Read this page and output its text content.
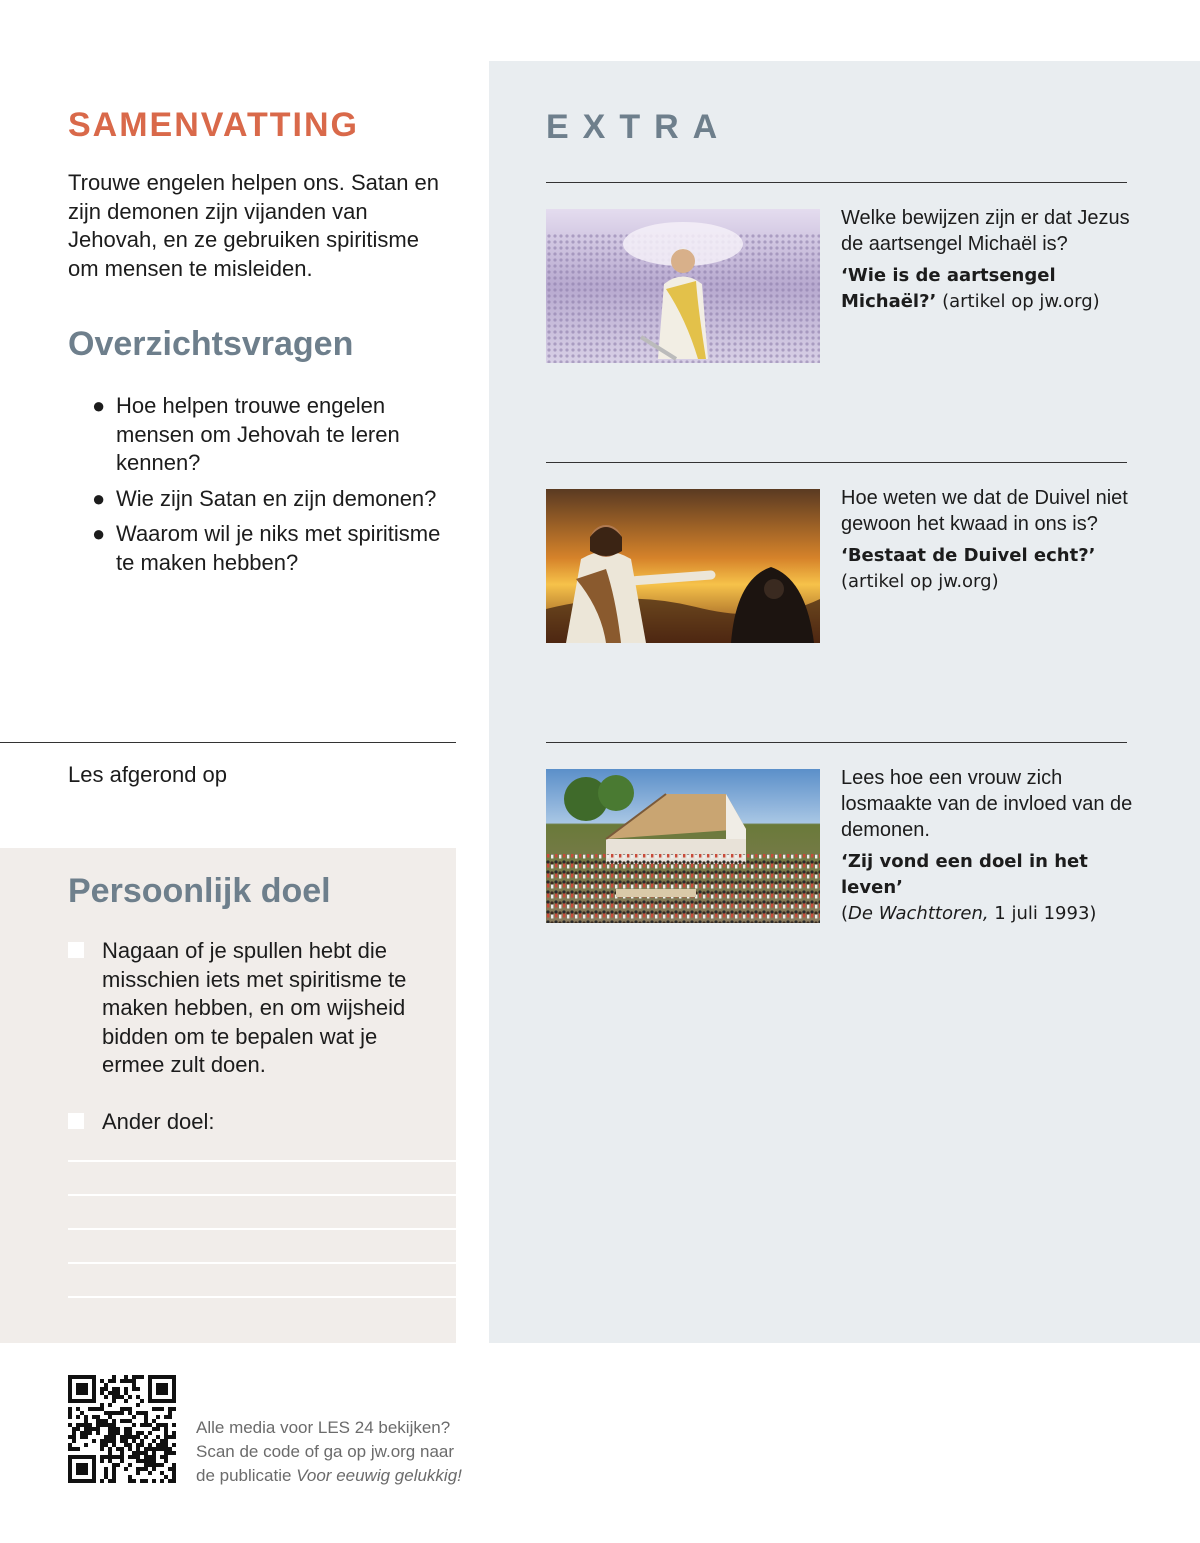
SAMENVATTING

Trouwe engelen helpen ons. Satan en zijn demonen zijn vijanden van Jehovah, en ze gebruiken spiritisme om mensen te misleiden.

Overzichtsvragen
● Hoe helpen trouwe engelen mensen om Jehovah te leren kennen?
● Wie zijn Satan en zijn demonen?
● Waarom wil je niks met spiritisme te maken hebben?
Les afgerond op
Persoonlijk doel
Nagaan of je spullen hebt die misschien iets met spiritisme te maken hebben, en om wijsheid bidden om te bepalen wat je ermee zult doen.
Ander doel:
EXTRA
Welke bewijzen zijn er dat Jezus de aartsengel Michaël is?
‘Wie is de aartsengel Michaël?’ (artikel op jw.org)
Hoe weten we dat de Duivel niet gewoon het kwaad in ons is?
‘Bestaat de Duivel echt?’
(artikel op jw.org)
Lees hoe een vrouw zich losmaakte van de invloed van de demonen.
‘Zij vond een doel in het leven’
(De Wachttoren, 1 juli 1993)
Alle media voor LES 24 bekijken?
Scan de code of ga op jw.org naar
de publicatie Voor eeuwig gelukkig!
